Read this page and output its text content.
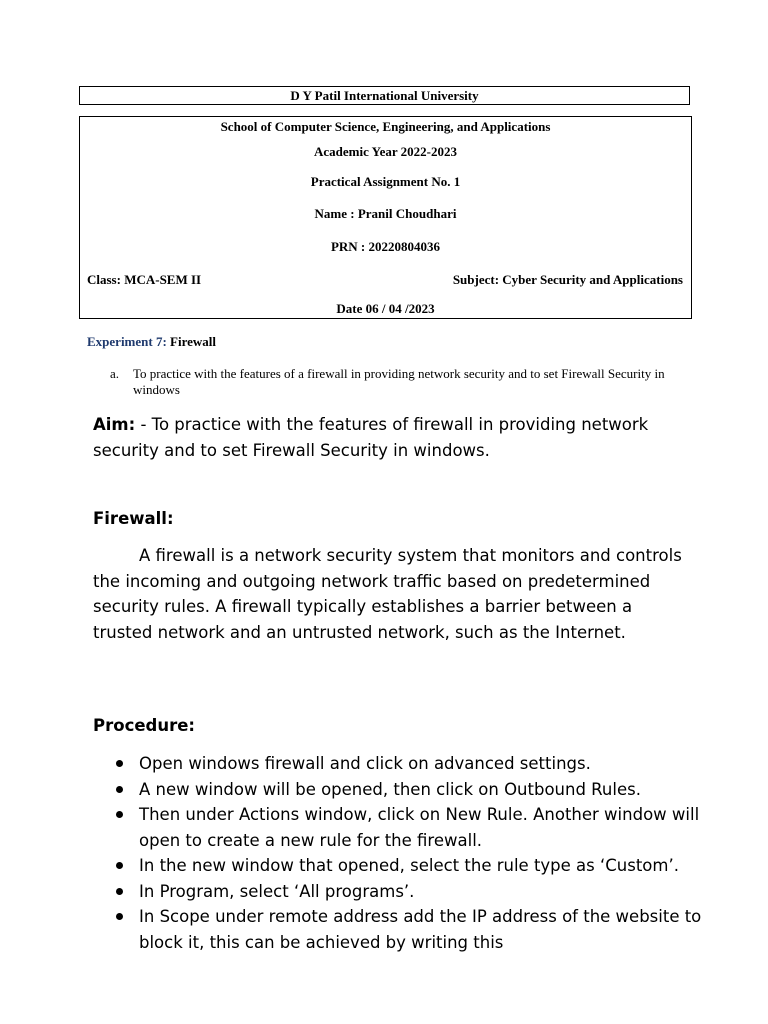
D Y Patil International University
School of Computer Science, Engineering, and Applications
Academic Year 2022-2023
Practical Assignment No. 1
Name : Pranil Choudhari
PRN : 20220804036
Class: MCA-SEM II	Subject: Cyber Security and Applications
Date 06 / 04 /2023
Experiment 7: Firewall
a. To practice with the features of a firewall in providing network security and to set Firewall Security in windows
Aim: - To practice with the features of firewall in providing network security and to set Firewall Security in windows.
Firewall:
A firewall is a network security system that monitors and controls the incoming and outgoing network traffic based on predetermined security rules. A firewall typically establishes a barrier between a trusted network and an untrusted network, such as the Internet.
Procedure:
Open windows firewall and click on advanced settings.
A new window will be opened, then click on Outbound Rules.
Then under Actions window, click on New Rule. Another window will open to create a new rule for the firewall.
In the new window that opened, select the rule type as ‘Custom’.
In Program, select ‘All programs’.
In Scope under remote address add the IP address of the website to block it, this can be achieved by writing this
